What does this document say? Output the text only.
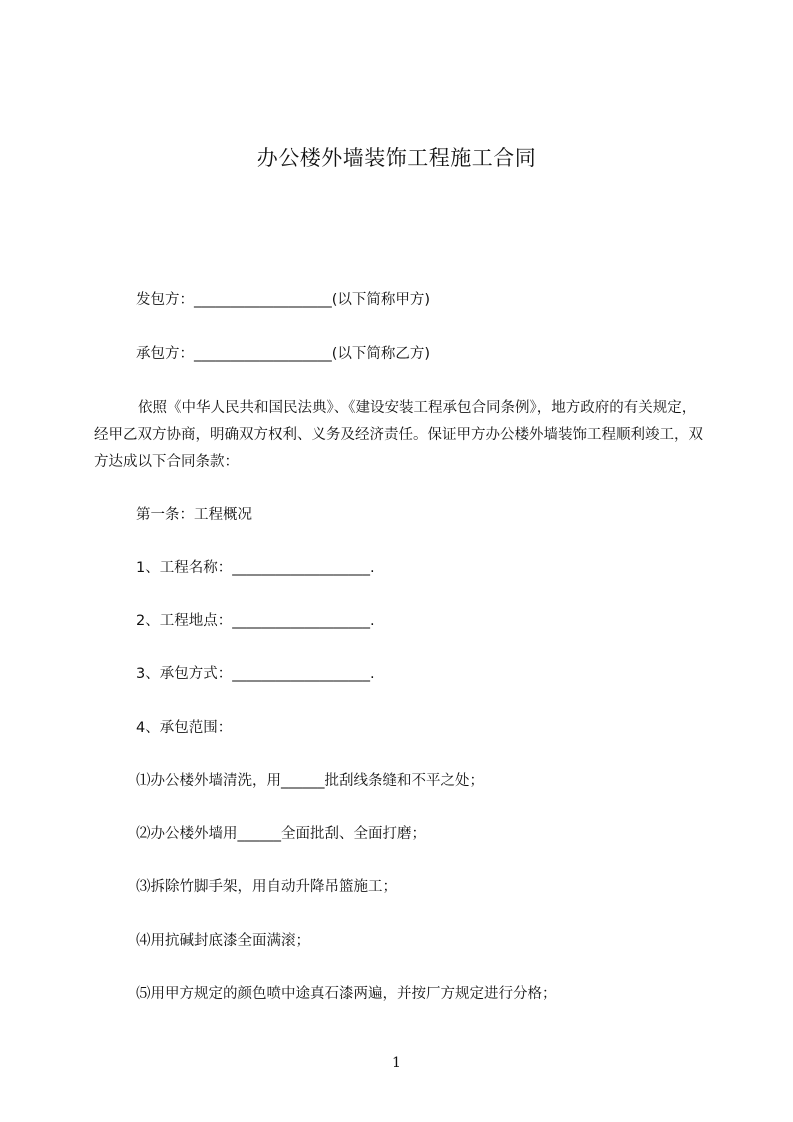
办公楼外墙装饰工程施工合同
发包方：___________________(以下简称甲方)
承包方：___________________(以下简称乙方)
依照《中华人民共和国民法典》、《建设安装工程承包合同条例》，地方政府的有关规定，经甲乙双方协商，明确双方权利、义务及经济责任。保证甲方办公楼外墙装饰工程顺利竣工，双方达成以下合同条款：
第一条：工程概况
1、工程名称：___________________.
2、工程地点：___________________.
3、承包方式：___________________.
4、承包范围：
⑴办公楼外墙清洗，用______批刮线条缝和不平之处；
⑵办公楼外墙用______全面批刮、全面打磨；
⑶拆除竹脚手架，用自动升降吊篮施工；
⑷用抗碱封底漆全面满滚；
⑸用甲方规定的颜色喷中途真石漆两遍，并按厂方规定进行分格；
1
